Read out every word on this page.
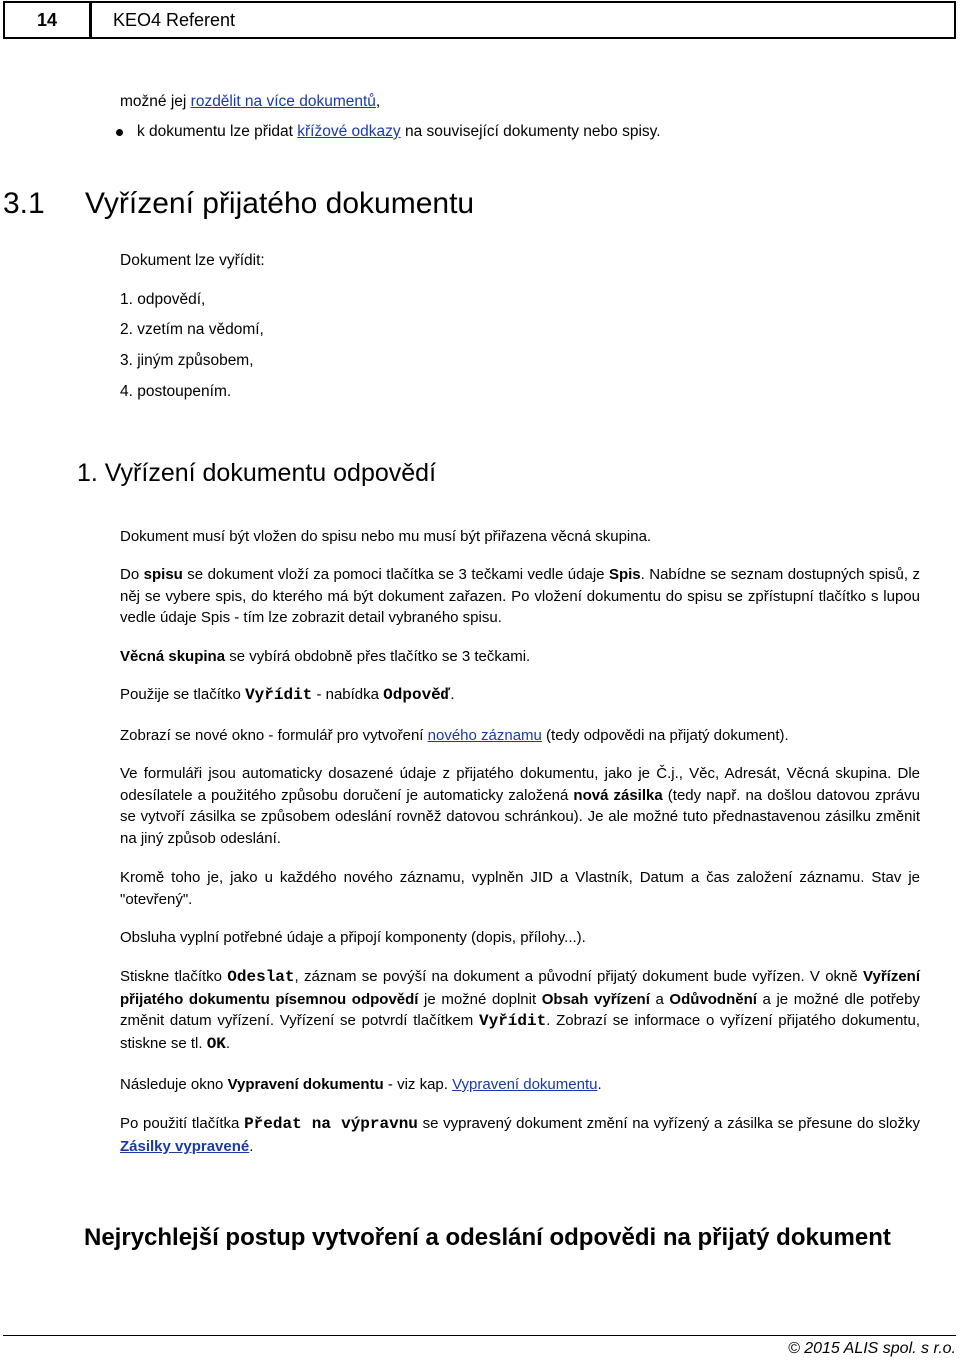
14	KEO4 Referent
možné jej rozdělit na více dokumentů,
k dokumentu lze přidat křížové odkazy na související dokumenty nebo spisy.
3.1 Vyřízení přijatého dokumentu
Dokument lze vyřídit:
1. odpovědí,
2. vzetím na vědomí,
3. jiným způsobem,
4. postoupením.
1. Vyřízení dokumentu odpovědí
Dokument musí být vložen do spisu nebo mu musí být přiřazena věcná skupina.
Do spisu se dokument vloží za pomoci tlačítka se 3 tečkami vedle údaje Spis. Nabídne se seznam dostupných spisů, z něj se vybere spis, do kterého má být dokument zařazen. Po vložení dokumentu do spisu se zpřístupní tlačítko s lupou vedle údaje Spis - tím lze zobrazit detail vybraného spisu.
Věcná skupina se vybírá obdobně přes tlačítko se 3 tečkami.
Použije se tlačítko Vyřídit - nabídka Odpověď.
Zobrazí se nové okno - formulář pro vytvoření nového záznamu (tedy odpovědi na přijatý dokument).
Ve formuláři jsou automaticky dosazené údaje z přijatého dokumentu, jako je Č.j., Věc, Adresát, Věcná skupina. Dle odesílatele a použitého způsobu doručení je automaticky založená nová zásilka (tedy např. na došlou datovou zprávu se vytvoří zásilka se způsobem odeslání rovněž datovou schránkou). Je ale možné tuto přednastavenou zásilku změnit na jiný způsob odeslání.
Kromě toho je, jako u každého nového záznamu, vyplněn JID a Vlastník, Datum a čas založení záznamu. Stav je "otevřený".
Obsluha vyplní potřebné údaje a připojí komponenty (dopis, přílohy...).
Stiskne tlačítko Odeslat, záznam se povýší na dokument a původní přijatý dokument bude vyřízen. V okně Vyřízení přijatého dokumentu písemnou odpovědí je možné doplnit Obsah vyřízení a Odůvodnění a je možné dle potřeby změnit datum vyřízení. Vyřízení se potvrdí tlačítkem Vyřídit. Zobrazí se informace o vyřízení přijatého dokumentu, stiskne se tl. OK.
Následuje okno Vypravení dokumentu - viz kap. Vypravení dokumentu.
Po použití tlačítka Předat na výpravnu se vypravený dokument změní na vyřízený a zásilka se přesune do složky Zásilky vypravené.
Nejrychlejší postup vytvoření a odeslání odpovědi na přijatý dokument
© 2015 ALIS spol. s r.o.
